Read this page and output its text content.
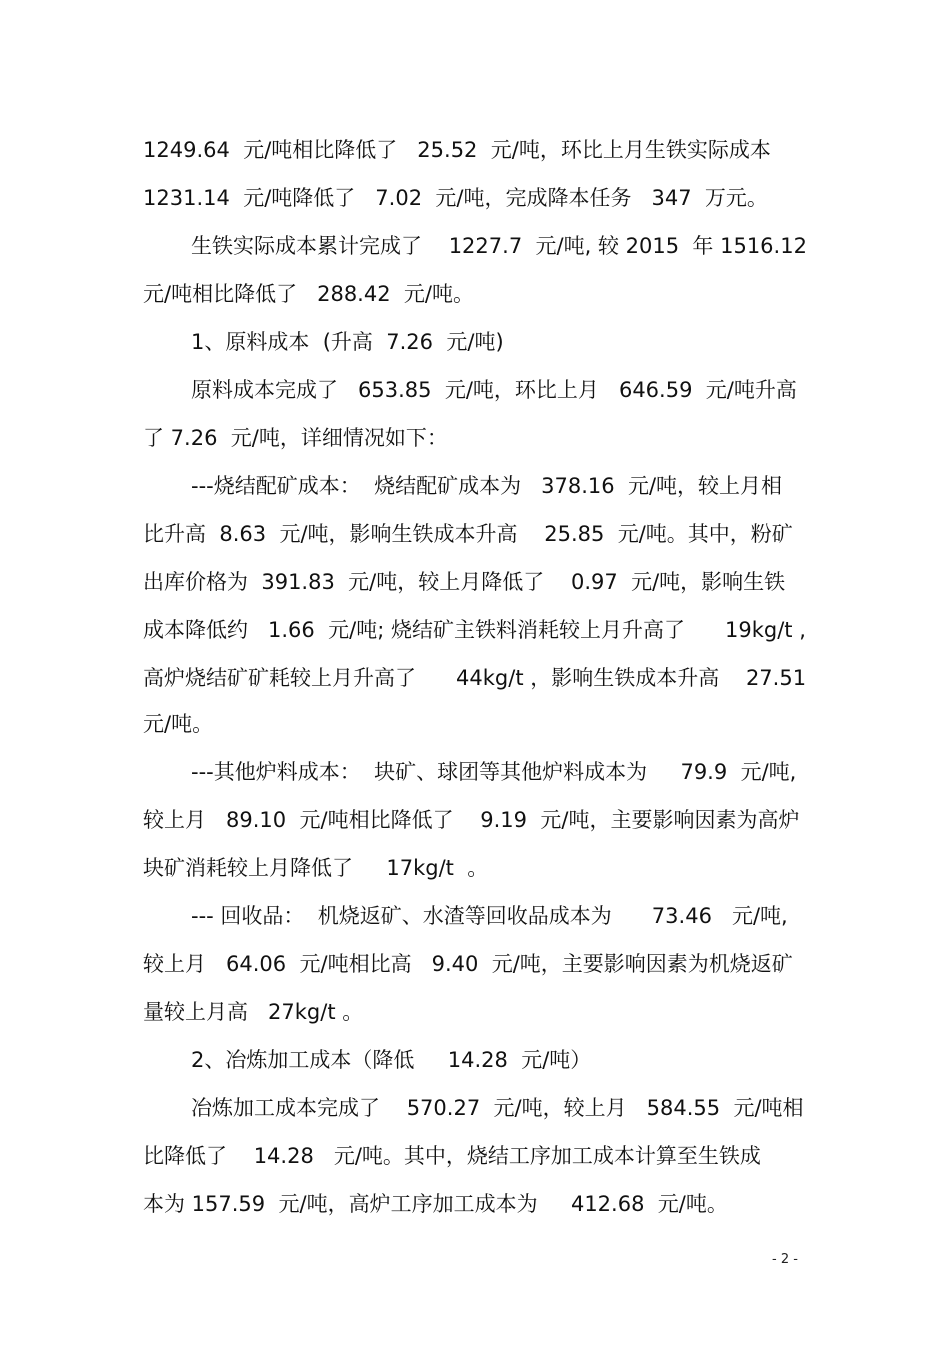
1249.64  元/吨相比降低了   25.52  元/吨，环比上月生铁实际成本
1231.14  元/吨降低了   7.02  元/吨，完成降本任务   347  万元。
生铁实际成本累计完成了    1227.7  元/吨, 较 2015  年 1516.12
元/吨相比降低了   288.42  元/吨。
1、原料成本  (升高  7.26  元/吨)
原料成本完成了   653.85  元/吨，环比上月   646.59  元/吨升高
了 7.26  元/吨，详细情况如下：
---烧结配矿成本：  烧结配矿成本为   378.16  元/吨，较上月相
比升高  8.63  元/吨，影响生铁成本升高    25.85  元/吨。其中，粉矿
出库价格为  391.83  元/吨，较上月降低了    0.97  元/吨，影响生铁
成本降低约   1.66  元/吨; 烧结矿主铁料消耗较上月升高了      19kg/t ,
高炉烧结矿矿耗较上月升高了      44kg/t ，影响生铁成本升高    27.51
元/吨。
---其他炉料成本：  块矿、球团等其他炉料成本为     79.9  元/吨,
较上月   89.10  元/吨相比降低了    9.19  元/吨，主要影响因素为高炉
块矿消耗较上月降低了     17kg/t  。
--- 回收品：  机烧返矿、水渣等回收品成本为      73.46   元/吨,
较上月   64.06  元/吨相比高   9.40  元/吨，主要影响因素为机烧返矿
量较上月高   27kg/t 。
2、冶炼加工成本（降低     14.28  元/吨）
冶炼加工成本完成了    570.27  元/吨，较上月   584.55  元/吨相
比降低了    14.28   元/吨。其中，烧结工序加工成本计算至生铁成
本为 157.59  元/吨，高炉工序加工成本为     412.68  元/吨。
- 2 -
